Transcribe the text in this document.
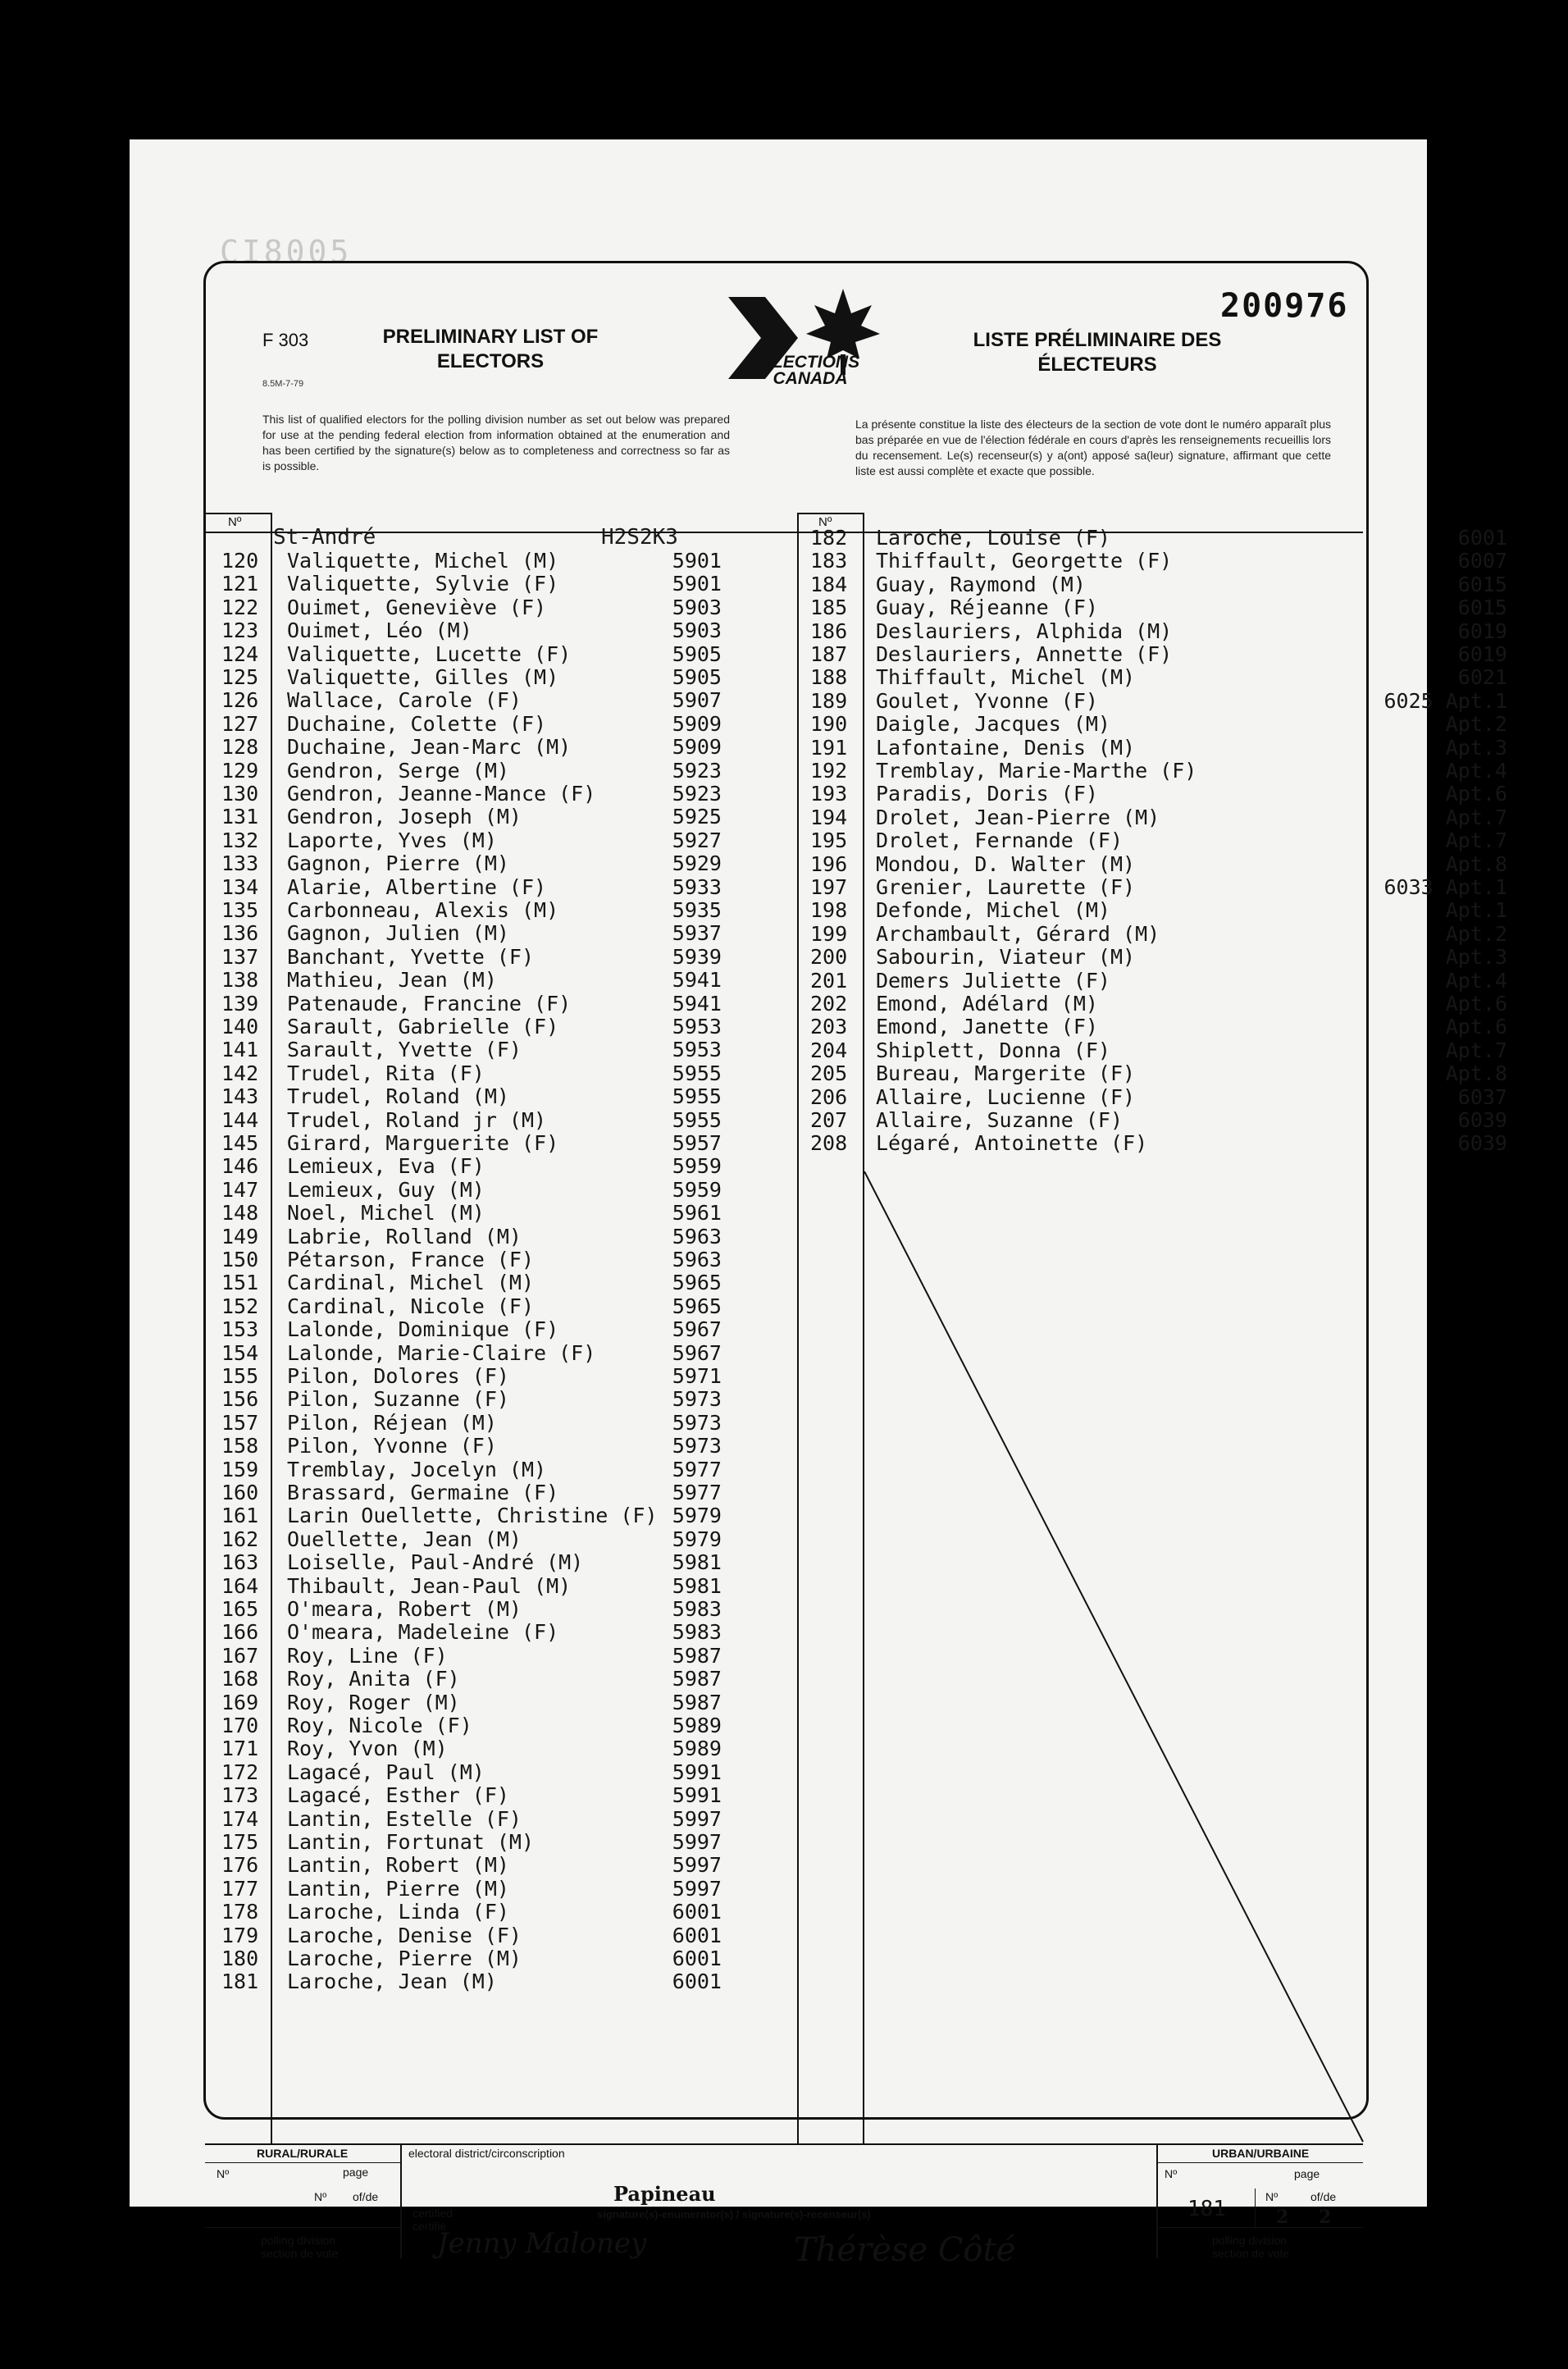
CI8005
F 303
8.5M-7-79
PRELIMINARY LIST OF ELECTORS
LISTE PRÉLIMINAIRE DES ÉLECTEURS
200976
ELECTIONS CANADA
This list of qualified electors for the polling division number as set out below was prepared for use at the pending federal election from information obtained at the enumeration and has been certified by the signature(s) below as to completeness and correctness so far as is possible.
La présente constitue la liste des électeurs de la section de vote dont le numéro apparaît plus bas préparée en vue de l'élection fédérale en cours d'après les renseignements recueillis lors du recensement. Le(s) recenseur(s) y a(ont) apposé sa(leur) signature, affirmant que cette liste est aussi complète et exacte que possible.
Nº	Nº
St-André	H2S2K3
120	Valiquette, Michel (M)	5901
121	Valiquette, Sylvie (F)	5901
122	Ouimet, Geneviève (F)	5903
123	Ouimet, Léo (M)	5903
124	Valiquette, Lucette (F)	5905
125	Valiquette, Gilles (M)	5905
126	Wallace, Carole (F)	5907
127	Duchaine, Colette (F)	5909
128	Duchaine, Jean-Marc (M)	5909
129	Gendron, Serge (M)	5923
130	Gendron, Jeanne-Mance (F)	5923
131	Gendron, Joseph (M)	5925
132	Laporte, Yves (M)	5927
133	Gagnon, Pierre (M)	5929
134	Alarie, Albertine (F)	5933
135	Carbonneau, Alexis (M)	5935
136	Gagnon, Julien (M)	5937
137	Banchant, Yvette (F)	5939
138	Mathieu, Jean (M)	5941
139	Patenaude, Francine (F)	5941
140	Sarault, Gabrielle (F)	5953
141	Sarault, Yvette (F)	5953
142	Trudel, Rita (F)	5955
143	Trudel, Roland (M)	5955
144	Trudel, Roland jr (M)	5955
145	Girard, Marguerite (F)	5957
146	Lemieux, Eva (F)	5959
147	Lemieux, Guy (M)	5959
148	Noel, Michel (M)	5961
149	Labrie, Rolland (M)	5963
150	Pétarson, France (F)	5963
151	Cardinal, Michel (M)	5965
152	Cardinal, Nicole (F)	5965
153	Lalonde, Dominique (F)	5967
154	Lalonde, Marie-Claire (F)	5967
155	Pilon, Dolores (F)	5971
156	Pilon, Suzanne (F)	5973
157	Pilon, Réjean (M)	5973
158	Pilon, Yvonne (F)	5973
159	Tremblay, Jocelyn (M)	5977
160	Brassard, Germaine (F)	5977
161	Larin Ouellette, Christine (F) 5979
162	Ouellette, Jean (M)	5979
163	Loiselle, Paul-André (M)	5981
164	Thibault, Jean-Paul (M)	5981
165	O'meara, Robert (M)	5983
166	O'meara, Madeleine (F)	5983
167	Roy, Line (F)	5987
168	Roy, Anita (F)	5987
169	Roy, Roger (M)	5987
170	Roy, Nicole (F)	5989
171	Roy, Yvon (M)	5989
172	Lagacé, Paul (M)	5991
173	Lagacé, Esther (F)	5991
174	Lantin, Estelle (F)	5997
175	Lantin, Fortunat (M)	5997
176	Lantin, Robert (M)	5997
177	Lantin, Pierre (M)	5997
178	Laroche, Linda (F)	6001
179	Laroche, Denise (F)	6001
180	Laroche, Pierre (M)	6001
181	Laroche, Jean (M)	6001
182	Laroche, Louise (F)	6001
183	Thiffault, Georgette (F)	6007
184	Guay, Raymond (M)	6015
185	Guay, Réjeanne (F)	6015
186	Deslauriers, Alphida (M)	6019
187	Deslauriers, Annette (F)	6019
188	Thiffault, Michel (M)	6021
189	Goulet, Yvonne (F)	6025 Apt.1
190	Daigle, Jacques (M)	Apt.2
191	Lafontaine, Denis (M)	Apt.3
192	Tremblay, Marie-Marthe (F)	Apt.4
193	Paradis, Doris (F)	Apt.6
194	Drolet, Jean-Pierre (M)	Apt.7
195	Drolet, Fernande (F)	Apt.7
196	Mondou, D. Walter (M)	Apt.8
197	Grenier, Laurette (F)	6033 Apt.1
198	Defonde, Michel (M)	Apt.1
199	Archambault, Gérard (M)	Apt.2
200	Sabourin, Viateur (M)	Apt.3
201	Demers Juliette (F)	Apt.4
202	Emond, Adélard (M)	Apt.6
203	Emond, Janette (F)	Apt.6
204	Shiplett, Donna (F)	Apt.7
205	Bureau, Margerite (F)	Apt.8
206	Allaire, Lucienne (F)	6037
207	Allaire, Suzanne (F)	6039
208	Légaré, Antoinette (F)	6039
RURAL/RURALE
Nº	page
Nº of/de
polling division
section de vote
electoral district/circonscription
Papineau
certified
certifié
signature(s)-enumerator(s) / signature(s)-recenseur(s)
Jenny Maloney	Thérèse Côté
URBAN/URBAINE
Nº	page
181	Nº	of/de
2 2
polling division
section de vote
